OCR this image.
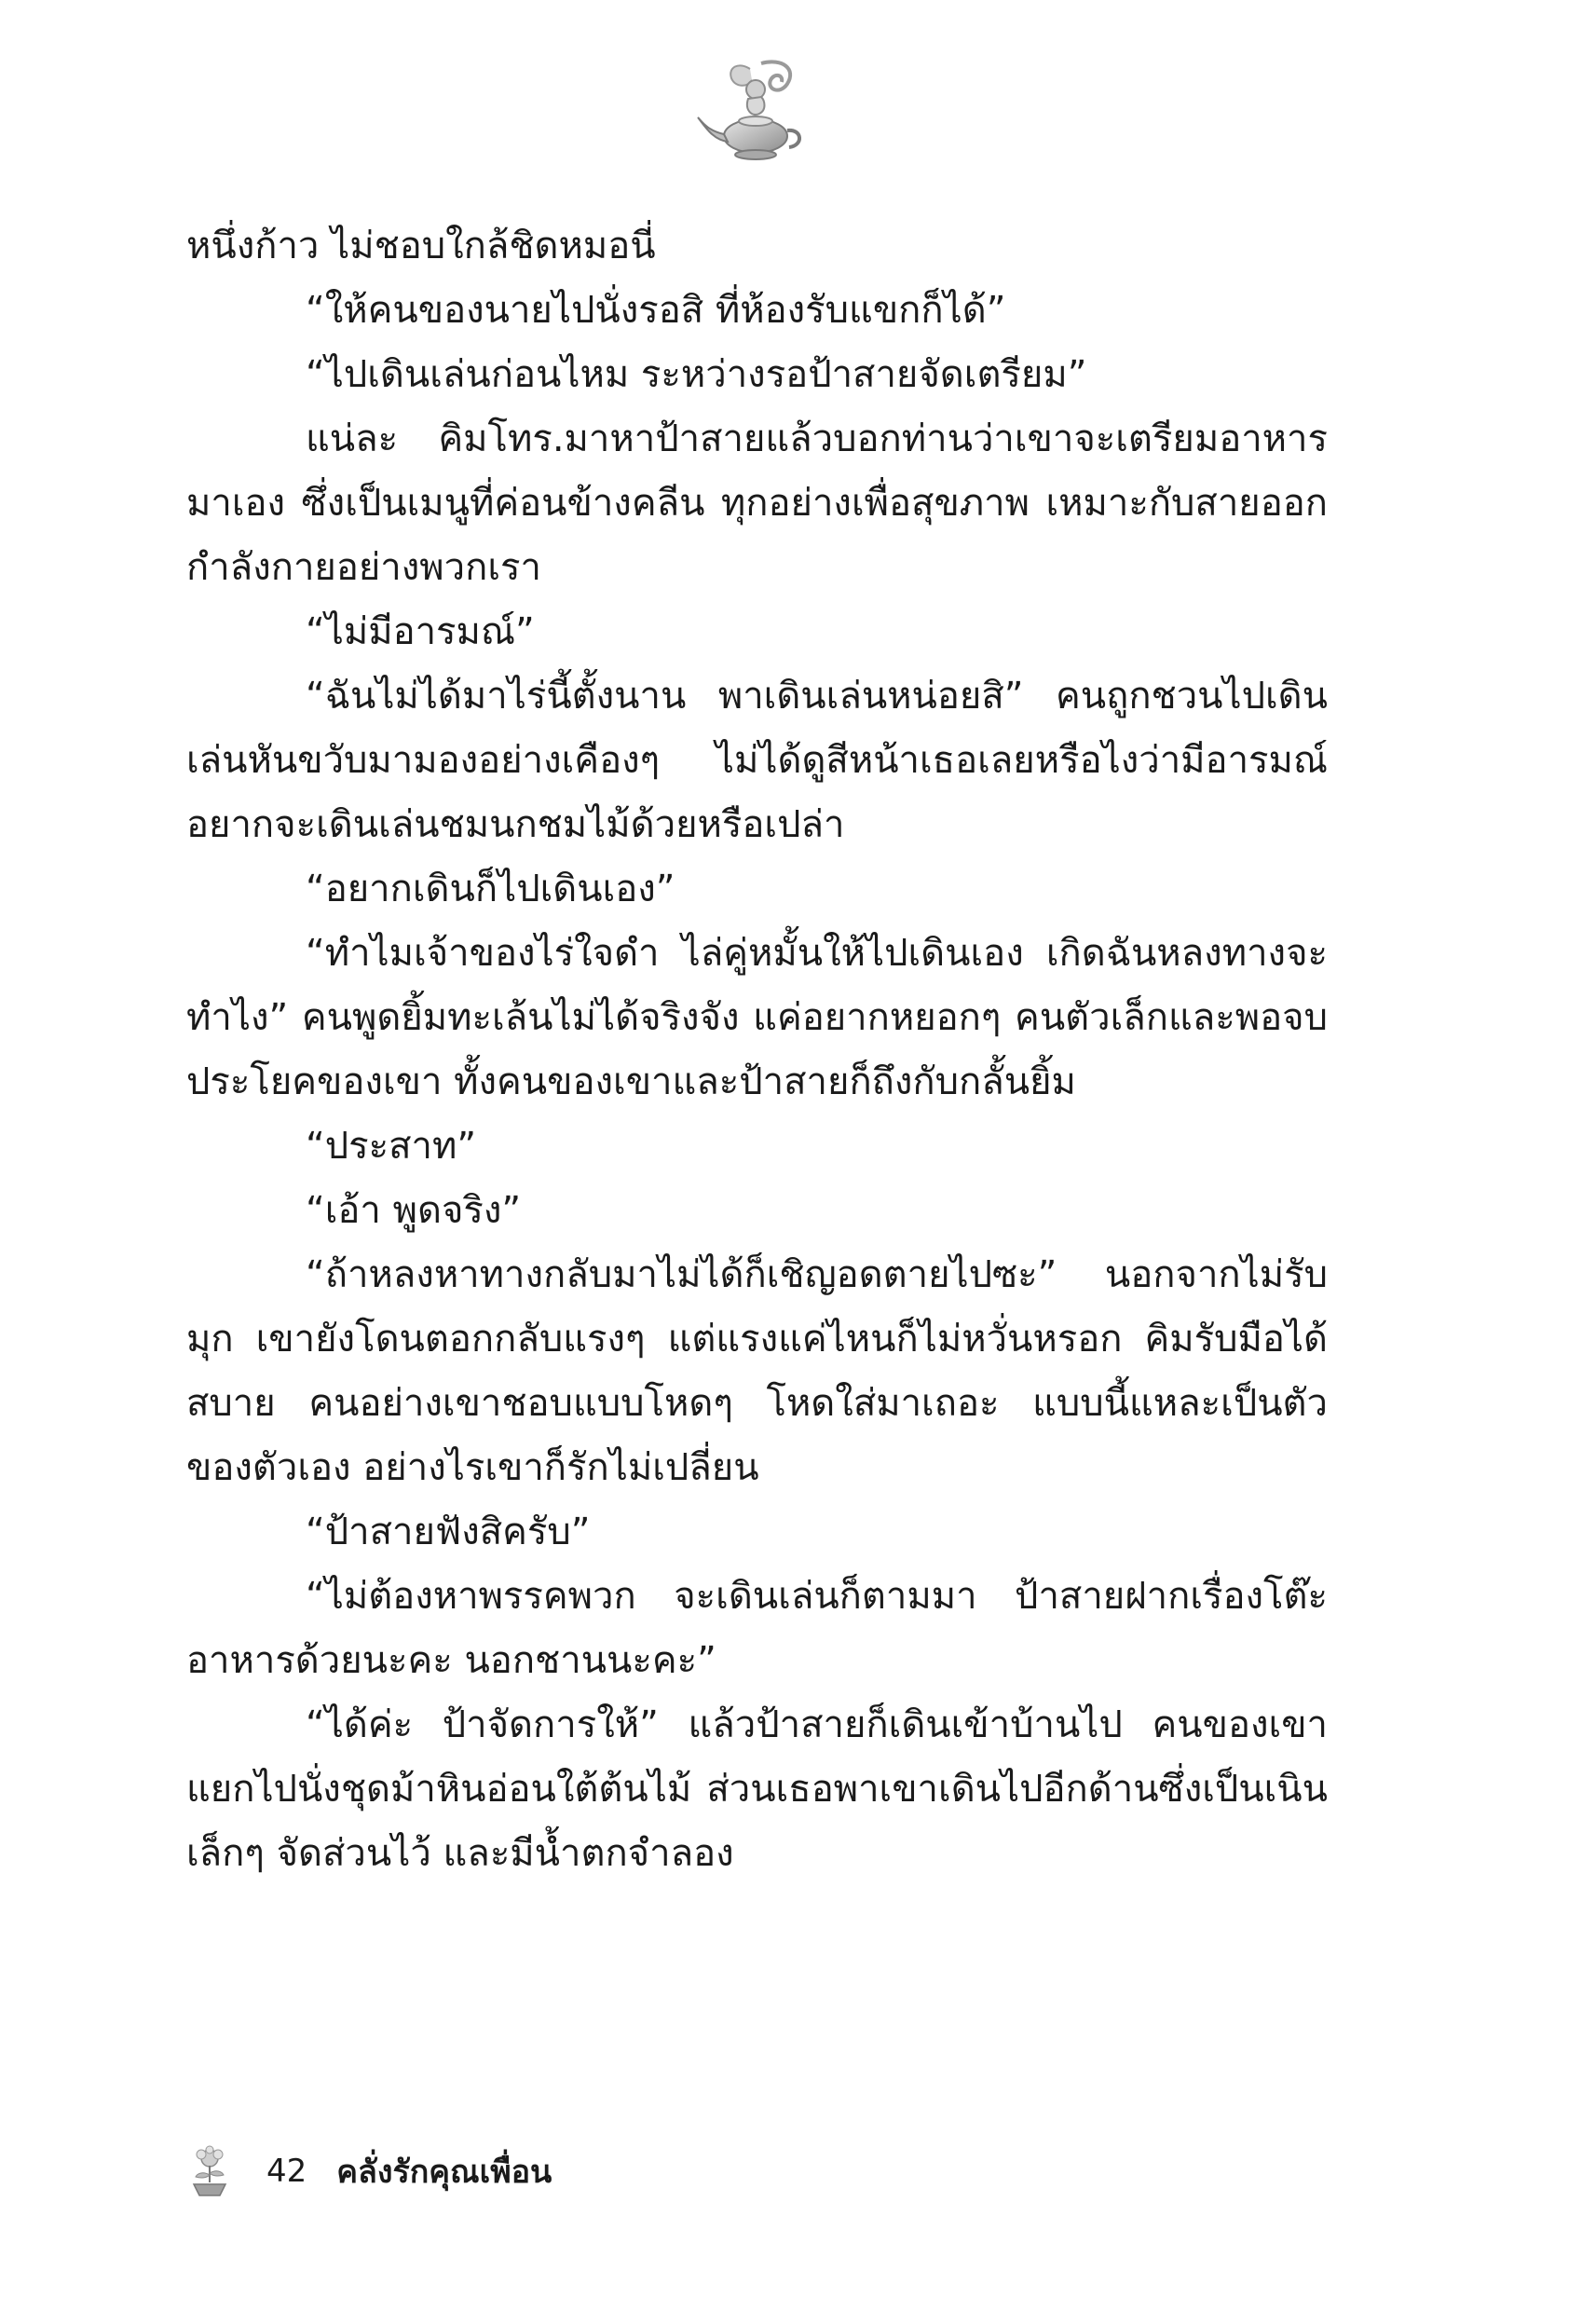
หนึ่งก้าว ไม่ชอบใกล้ชิดหมอนี่

“ให้คนของนายไปนั่งรอสิ ที่ห้องรับแขกก็ได้”

“ไปเดินเล่นก่อนไหม ระหว่างรอป้าสายจัดเตรียม”

แน่ละ คิมโทร.มาหาป้าสายแล้วบอกท่านว่าเขาจะเตรียมอาหารมาเอง ซึ่งเป็นเมนูที่ค่อนข้างคลีน ทุกอย่างเพื่อสุขภาพ เหมาะกับสายออกกำลังกายอย่างพวกเรา

“ไม่มีอารมณ์”

“ฉันไม่ได้มาไร่นี้ตั้งนาน พาเดินเล่นหน่อยสิ” คนถูกชวนไปเดินเล่นหันขวับมามองอย่างเคืองๆ ไม่ได้ดูสีหน้าเธอเลยหรือไงว่ามีอารมณ์อยากจะเดินเล่นชมนกชมไม้ด้วยหรือเปล่า

“อยากเดินก็ไปเดินเอง”

“ทำไมเจ้าของไร่ใจดำ ไล่คู่หมั้นให้ไปเดินเอง เกิดฉันหลงทางจะทำไง” คนพูดยิ้มทะเล้นไม่ได้จริงจัง แค่อยากหยอกๆ คนตัวเล็กและพอจบประโยคของเขา ทั้งคนของเขาและป้าสายก็ถึงกับกลั้นยิ้ม

“ประสาท”

“เอ้า พูดจริง”

“ถ้าหลงหาทางกลับมาไม่ได้ก็เชิญอดตายไปซะ” นอกจากไม่รับมุก เขายังโดนตอกกลับแรงๆ แต่แรงแค่ไหนก็ไม่หวั่นหรอก คิมรับมือได้สบาย คนอย่างเขาชอบแบบโหดๆ โหดใส่มาเถอะ แบบนี้แหละเป็นตัวของตัวเอง อย่างไรเขาก็รักไม่เปลี่ยน

“ป้าสายฟังสิครับ”

“ไม่ต้องหาพรรคพวก จะเดินเล่นก็ตามมา ป้าสายฝากเรื่องโต๊ะอาหารด้วยนะคะ นอกชานนะคะ”

“ได้ค่ะ ป้าจัดการให้” แล้วป้าสายก็เดินเข้าบ้านไป คนของเขาแยกไปนั่งชุดม้าหินอ่อนใต้ต้นไม้ ส่วนเธอพาเขาเดินไปอีกด้านซึ่งเป็นเนินเล็กๆ จัดส่วนไว้ และมีน้ำตกจำลอง

42 คลั่งรักคุณเพื่อน
